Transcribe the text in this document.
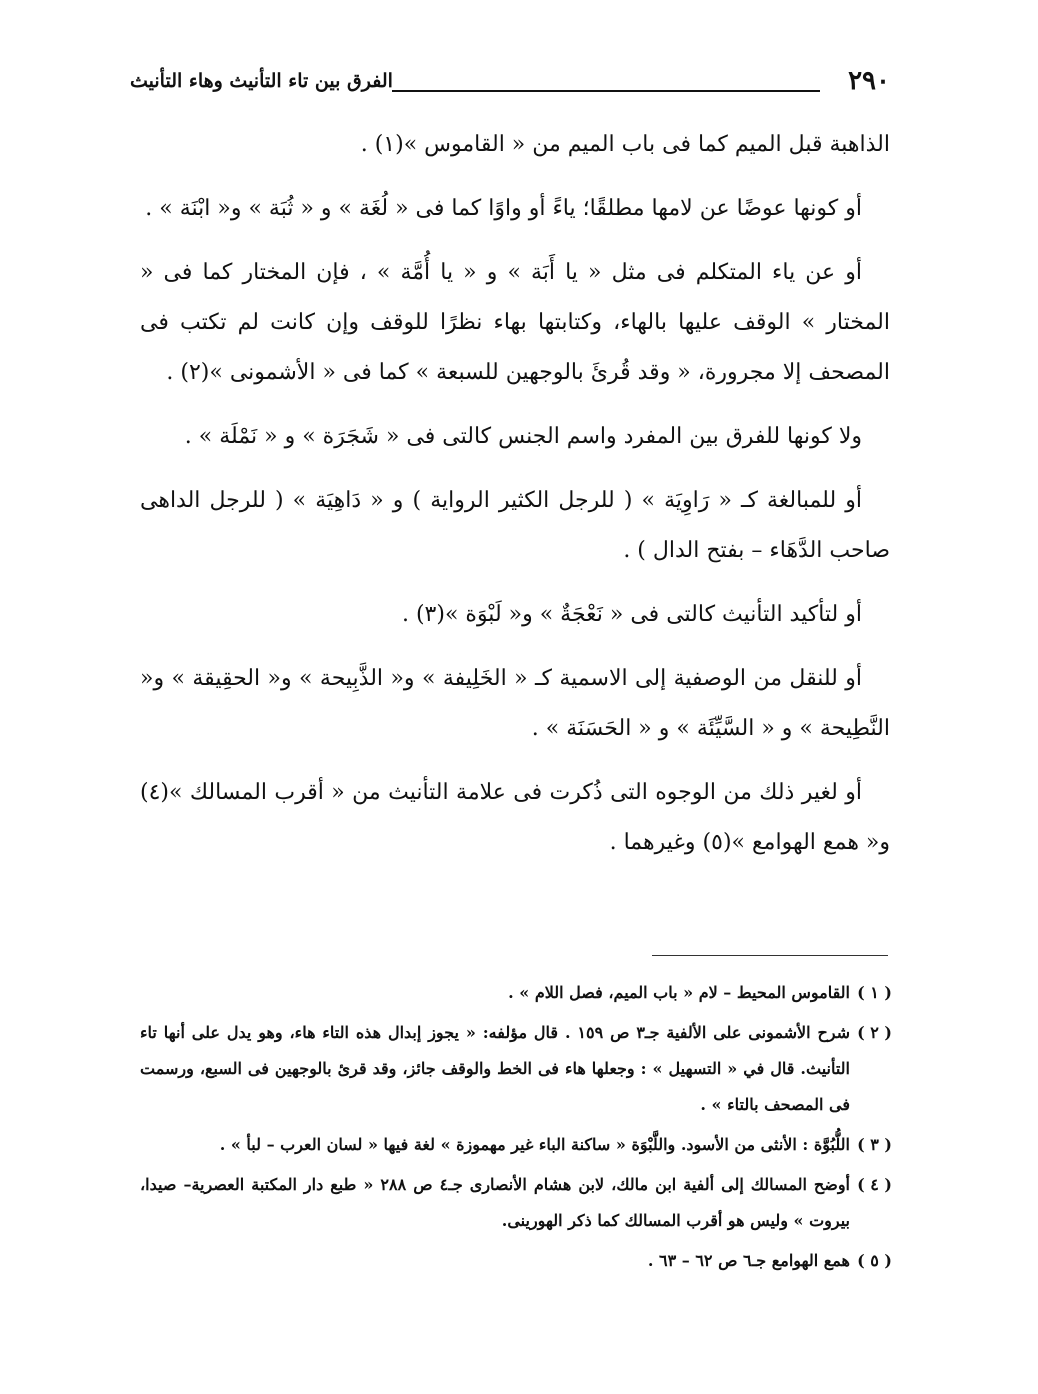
٢٩٠
الفرق بين تاء التأنيث وهاء التأنيث

الذاهبة قبل الميم كما فى باب الميم من « القاموس »(١) .

أو كونها عوضًا عن لامها مطلقًا؛ ياءً أو واوًا كما فى « لُغَة » و « ثُبَة » و« ابْنَة » .

أو عن ياء المتكلم فى مثل « يا أَبَة » و « يا أُمَّة » ، فإن المختار كما فى « المختار » الوقف عليها بالهاء، وكتابتها بهاء نظرًا للوقف وإن كانت لم تكتب فى المصحف إلا مجرورة، « وقد قُرئَ بالوجهين للسبعة » كما فى « الأشمونى »(٢) .

ولا كونها للفرق بين المفرد واسم الجنس كالتى فى « شَجَرَة » و « نَمْلَة » .

أو للمبالغة كـ « رَاوِيَة » ( للرجل الكثير الرواية ) و « دَاهِيَة » ( للرجل الداهى صاحب الدَّهَاء – بفتح الدال ) .

أو لتأكيد التأنيث كالتى فى « نَعْجَةٌ » و« لَبْوَة »(٣) .

أو للنقل من الوصفية إلى الاسمية كـ « الخَلِيفة » و« الذَّبِيحة » و« الحقِيقة » و« النَّطِيحة » و « السَّيِّئَة » و « الحَسَنَة » .

أو لغير ذلك من الوجوه التى ذُكرت فى علامة التأنيث من « أقرب المسالك »(٤) و« همع الهوامع »(٥) وغيرهما .

( ١ )
القاموس المحيط – لام « باب الميم، فصل اللام » .
( ٢ )
شرح الأشمونى على الألفية جـ٣ ص ١٥٩ . قال مؤلفه: « يجوز إبدال هذه التاء هاء، وهو يدل على أنها تاء التأنيث. قال في « التسهيل » : وجعلها هاء فى الخط والوقف جائز، وقد قرئ بالوجهين فى السبع، ورسمت فى المصحف بالتاء » .
( ٣ )
اللُّبُوَّة : الأنثى من الأسود. واللَّبْوَة « ساكنة الباء غير مهموزة » لغة فيها « لسان العرب – لبأ » .
( ٤ )
أوضح المسالك إلى ألفية ابن مالك، لابن هشام الأنصارى جـ٤ ص ٢٨٨ « طبع دار المكتبة العصرية– صيدا، بيروت » وليس هو أقرب المسالك كما ذكر الهورينى.
( ٥ )
همع الهوامع جـ٦ ص ٦٢ – ٦٣ .
